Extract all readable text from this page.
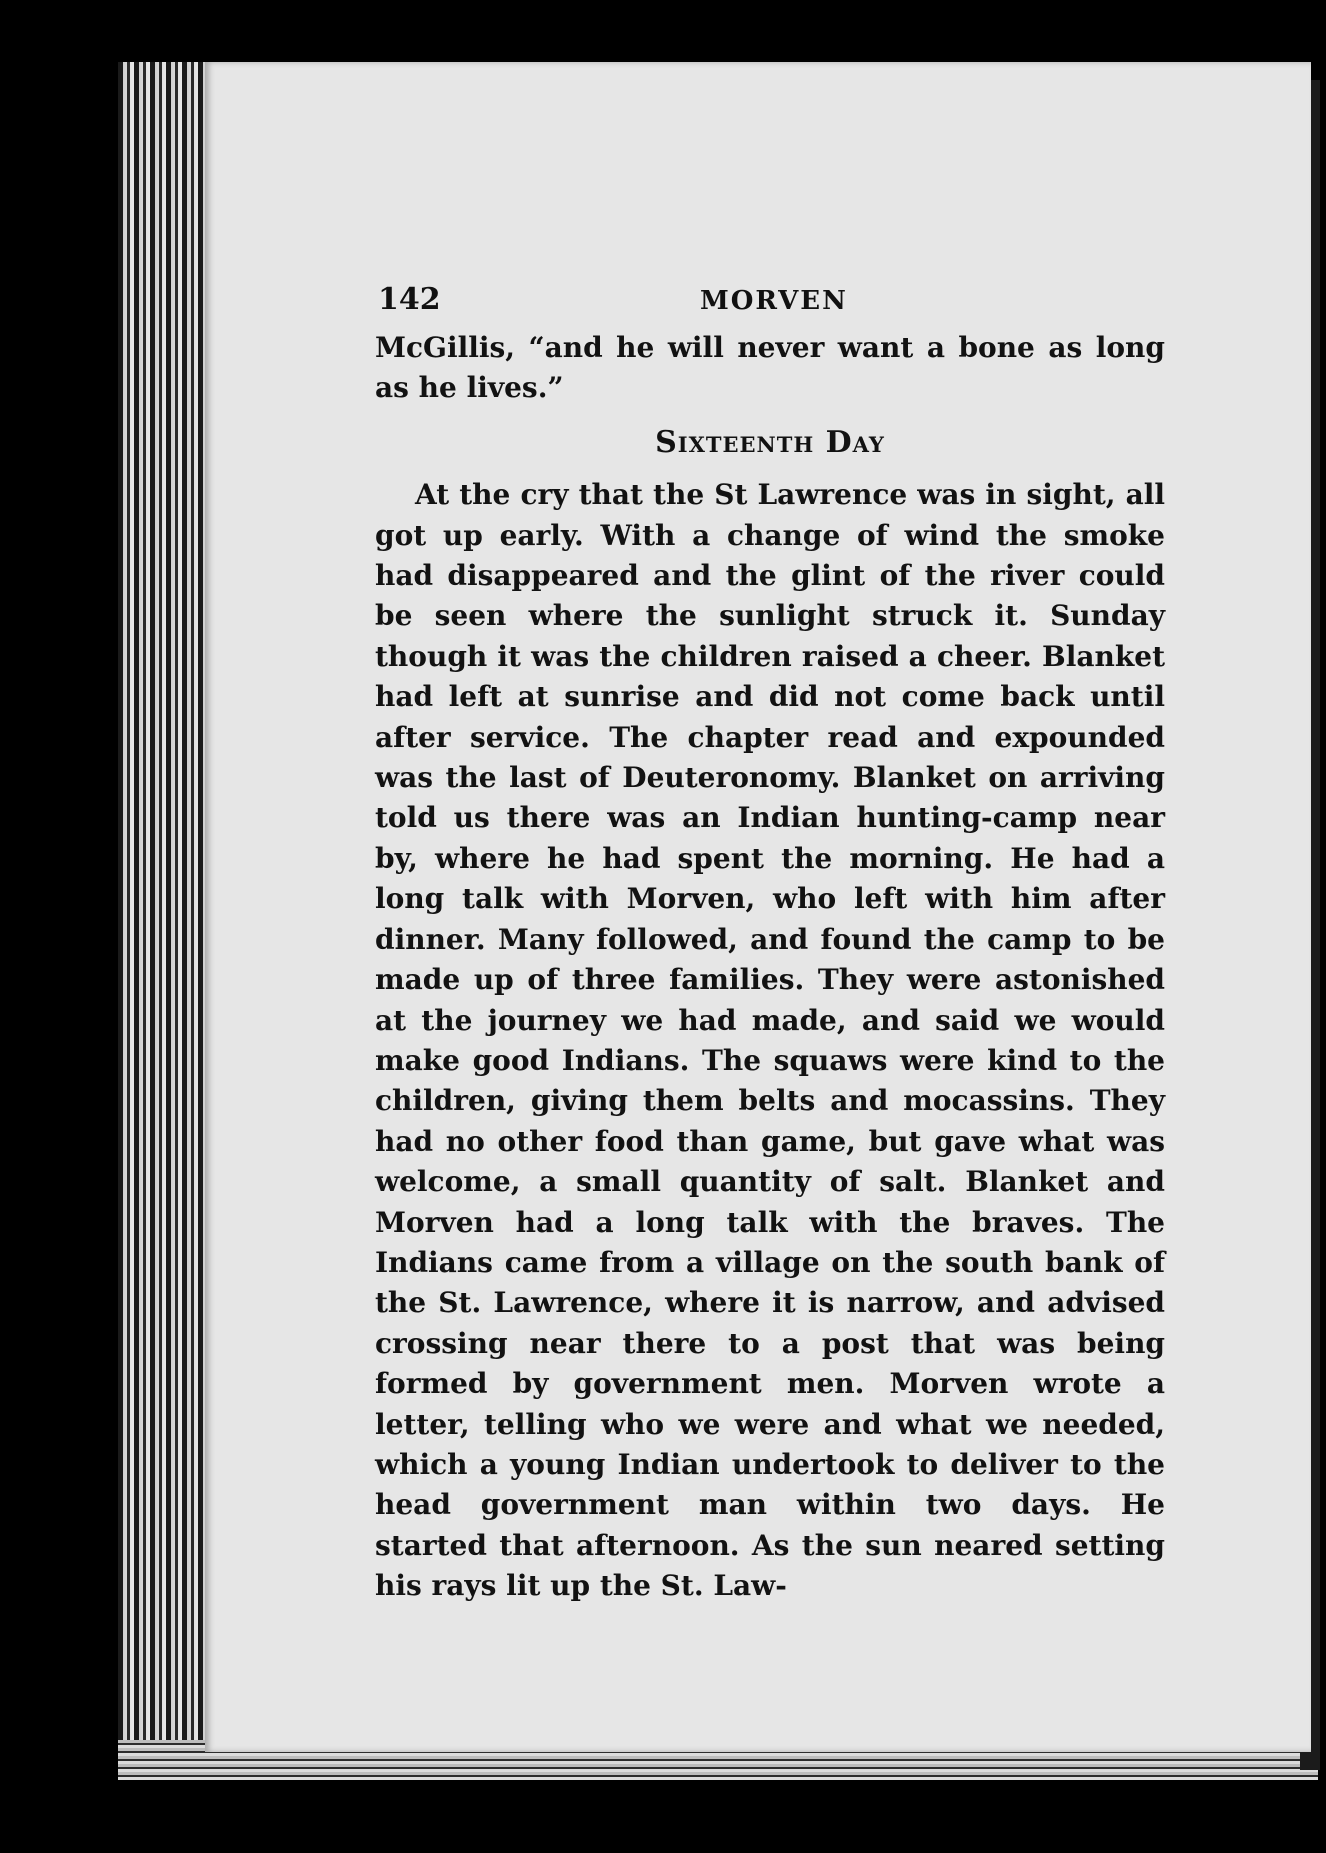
142	MORVEN

McGillis, “and he will never want a bone as long as he lives.”

Sixteenth Day

At the cry that the St Lawrence was in sight, all got up early. With a change of wind the smoke had disappeared and the glint of the river could be seen where the sunlight struck it. Sunday though it was the children raised a cheer. Blanket had left at sunrise and did not come back until after service. The chapter read and expounded was the last of Deuteronomy. Blanket on arriving told us there was an Indian hunting-camp near by, where he had spent the morning. He had a long talk with Morven, who left with him after dinner. Many followed, and found the camp to be made up of three families. They were astonished at the journey we had made, and said we would make good Indians. The squaws were kind to the children, giving them belts and mocassins. They had no other food than game, but gave what was welcome, a small quantity of salt. Blanket and Morven had a long talk with the braves. The Indians came from a village on the south bank of the St. Lawrence, where it is narrow, and advised crossing near there to a post that was being formed by government men. Morven wrote a letter, telling who we were and what we needed, which a young Indian undertook to deliver to the head government man within two days. He started that afternoon. As the sun neared setting his rays lit up the St. Law-
